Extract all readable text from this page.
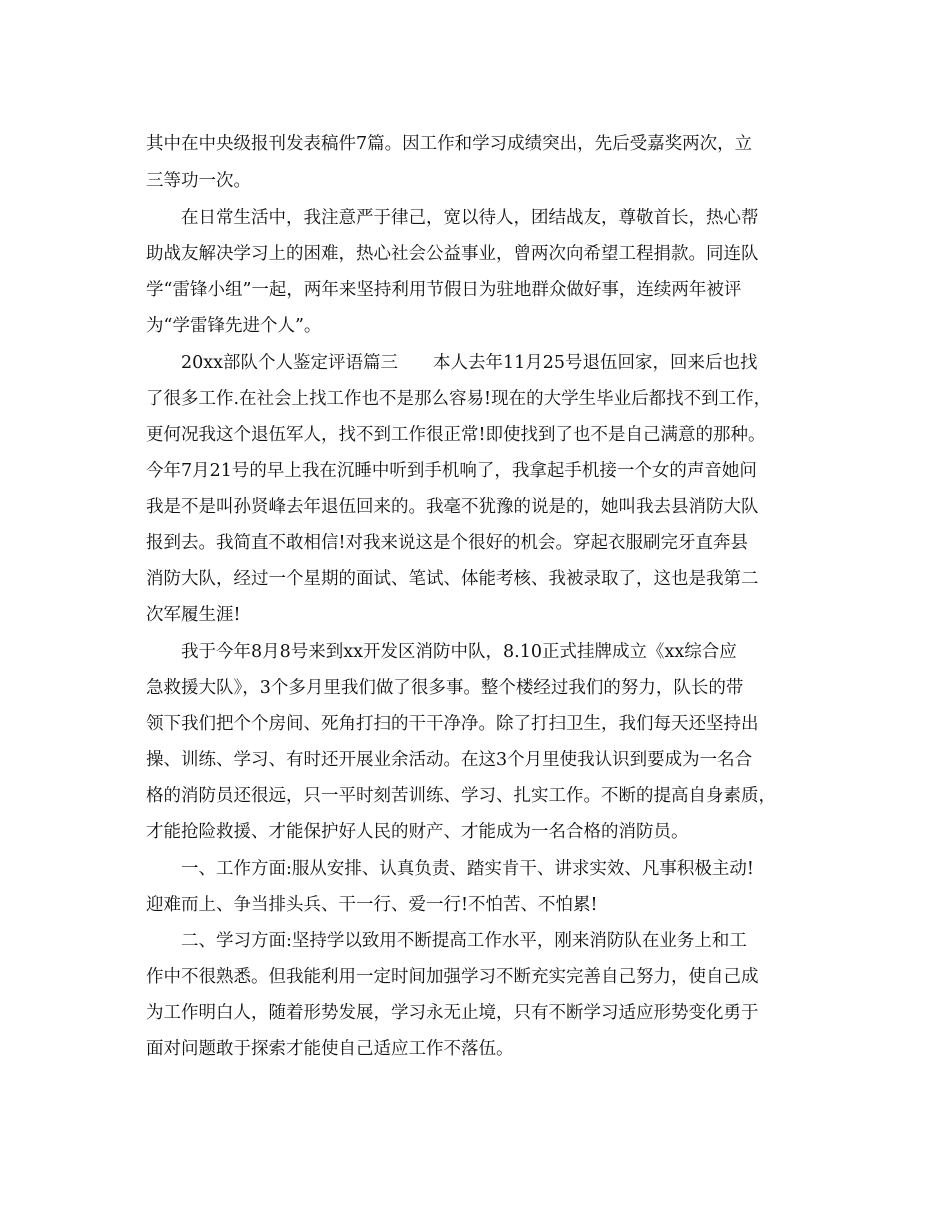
其中在中央级报刊发表稿件7篇。因工作和学习成绩突出，先后受嘉奖两次，立

三等功一次。

　　在日常生活中，我注意严于律己，宽以待人，团结战友，尊敬首长，热心帮

助战友解决学习上的困难，热心社会公益事业，曾两次向希望工程捐款。同连队

学“雷锋小组”一起，两年来坚持利用节假日为驻地群众做好事，连续两年被评

为“学雷锋先进个人”。

　　20xx部队个人鉴定评语篇三　　本人去年11月25号退伍回家，回来后也找

了很多工作.在社会上找工作也不是那么容易!现在的大学生毕业后都找不到工作，

更何况我这个退伍军人，找不到工作很正常!即使找到了也不是自己满意的那种。

今年7月21号的早上我在沉睡中听到手机响了，我拿起手机接一个女的声音她问

我是不是叫孙贤峰去年退伍回来的。我毫不犹豫的说是的，她叫我去县消防大队

报到去。我简直不敢相信!对我来说这是个很好的机会。穿起衣服刷完牙直奔县

消防大队，经过一个星期的面试、笔试、体能考核、我被录取了，这也是我第二

次军履生涯!

　　我于今年8月8号来到xx开发区消防中队，8.10正式挂牌成立《xx综合应

急救援大队》，3个多月里我们做了很多事。整个楼经过我们的努力，队长的带

领下我们把个个房间、死角打扫的干干净净。除了打扫卫生，我们每天还坚持出

操、训练、学习、有时还开展业余活动。在这3个月里使我认识到要成为一名合

格的消防员还很远，只一平时刻苦训练、学习、扎实工作。不断的提高自身素质，

才能抢险救援、才能保护好人民的财产、才能成为一名合格的消防员。

　　一、工作方面:服从安排、认真负责、踏实肯干、讲求实效、凡事积极主动!

迎难而上、争当排头兵、干一行、爱一行!不怕苦、不怕累!

　　二、学习方面:坚持学以致用不断提高工作水平，刚来消防队在业务上和工

作中不很熟悉。但我能利用一定时间加强学习不断充实完善自己努力，使自己成

为工作明白人，随着形势发展，学习永无止境，只有不断学习适应形势变化勇于

面对问题敢于探索才能使自己适应工作不落伍。
